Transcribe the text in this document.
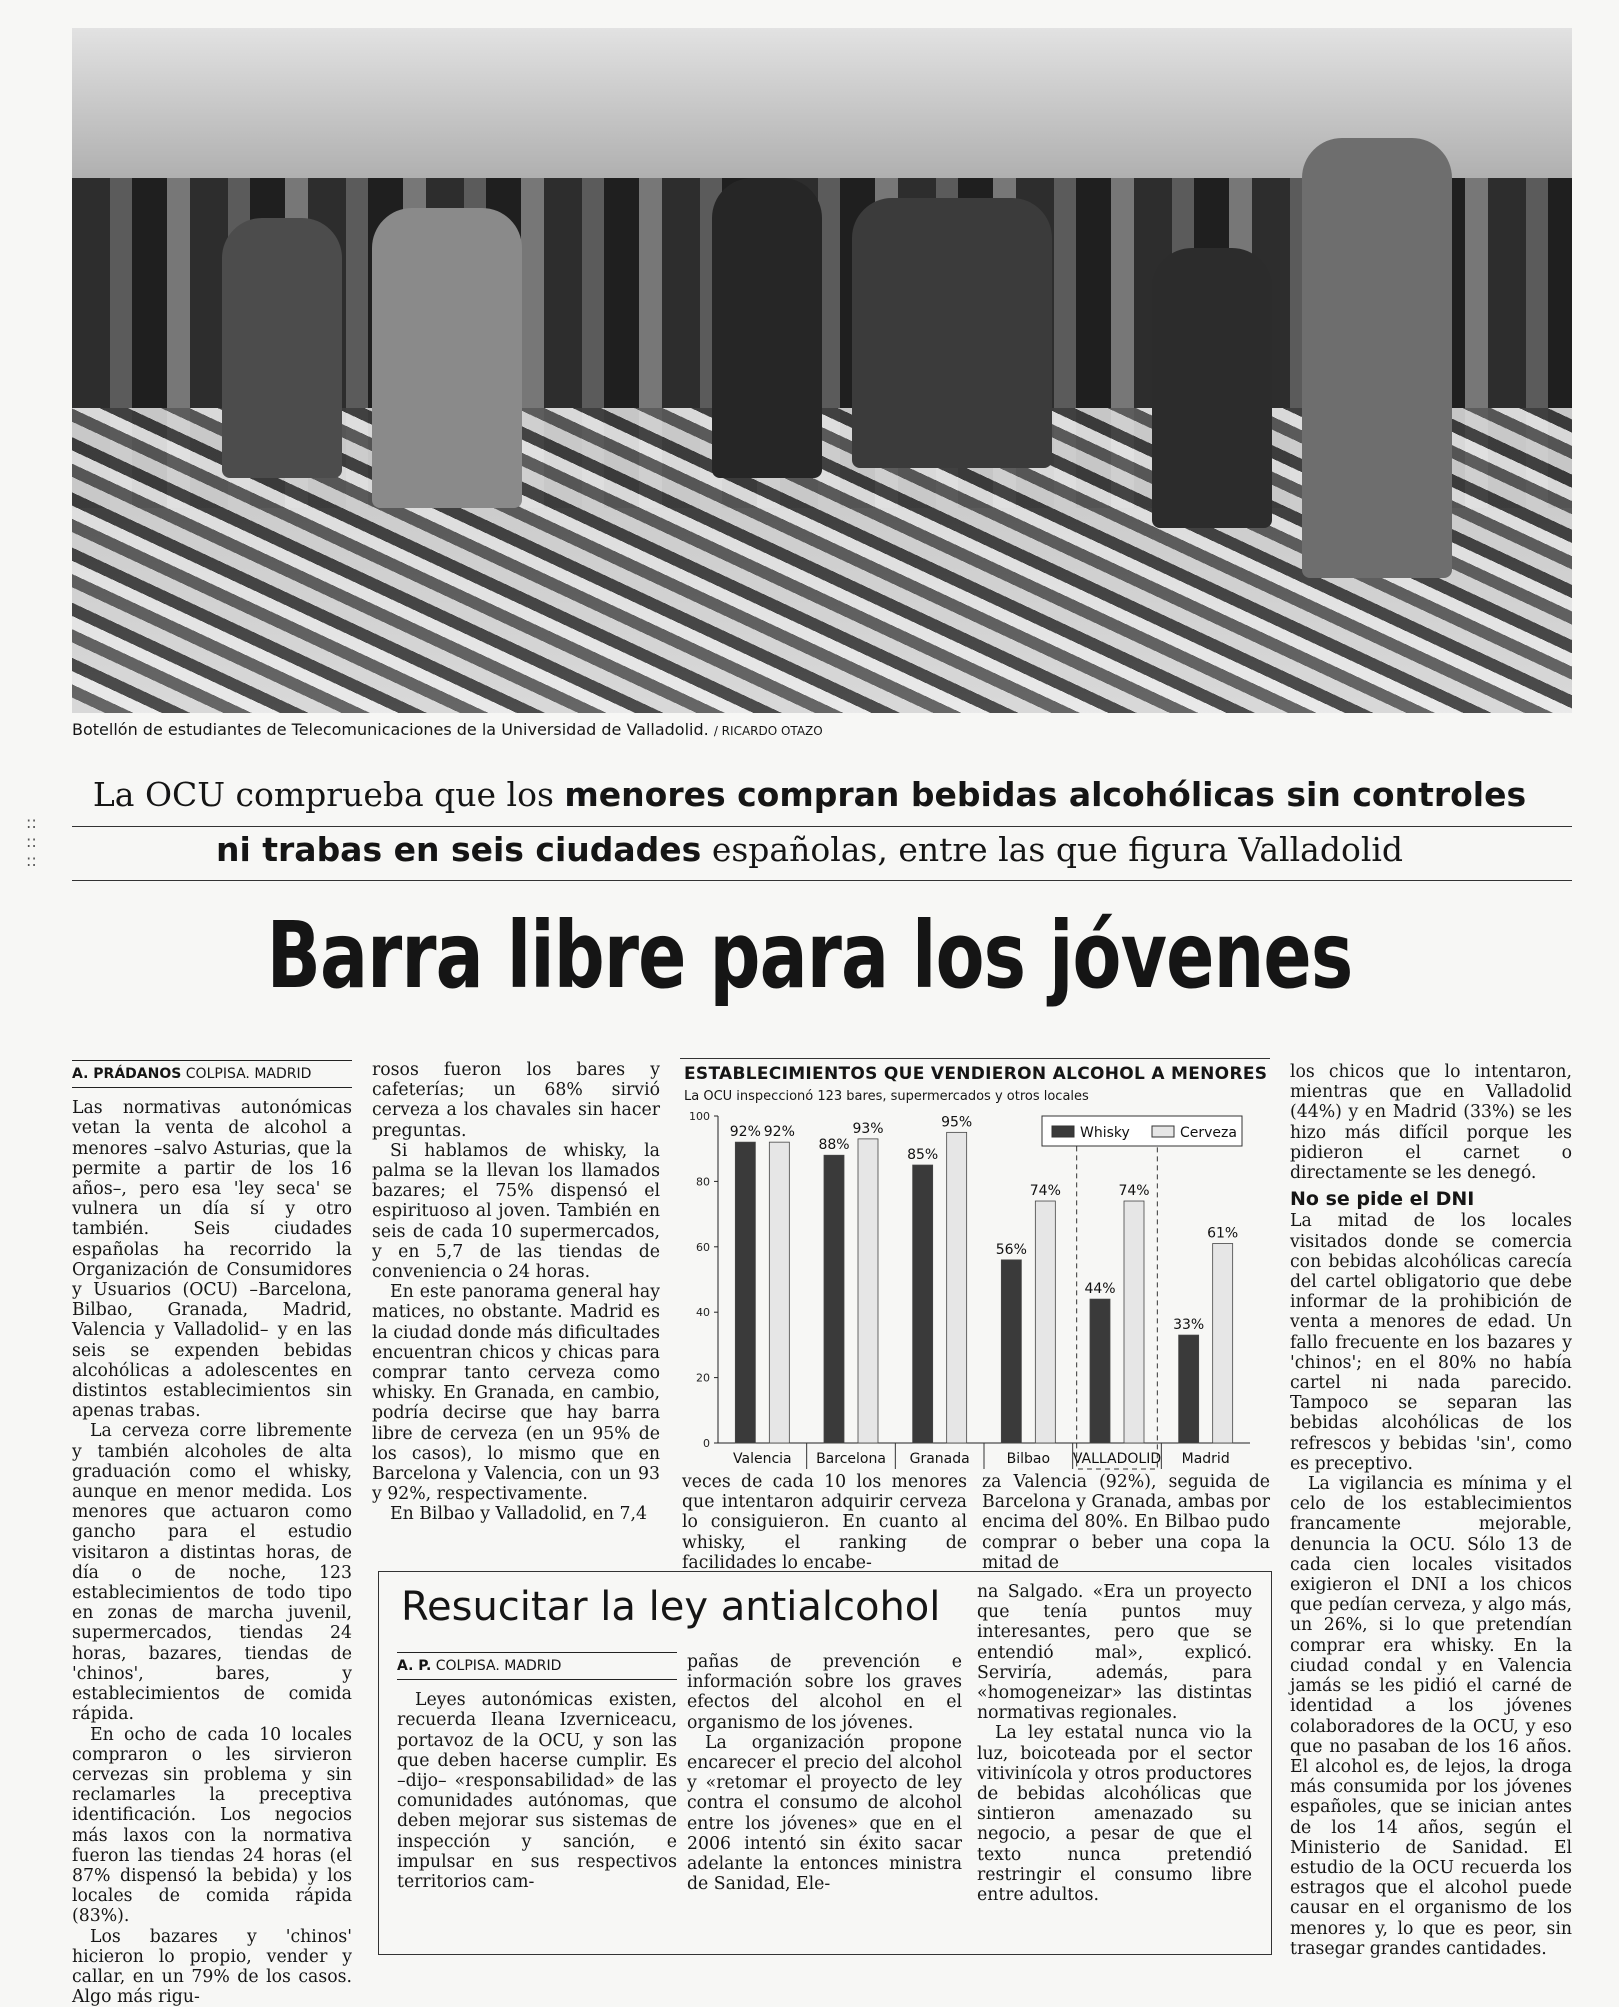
Botellón de estudiantes de Telecomunicaciones de la Universidad de Valladolid. / RICARDO OTAZO
La OCU comprueba que los menores compran bebidas alcohólicas sin controles
ni trabas en seis ciudades españolas, entre las que figura Valladolid
::
::
::
Barra libre para los jóvenes
A. PRÁDANOS COLPISA. MADRID

Las normativas autonómicas vetan la venta de alcohol a menores –salvo Asturias, que la permite a partir de los 16 años–, pero esa 'ley seca' se vulnera un día sí y otro también. Seis ciudades españolas ha recorrido la Organización de Consumidores y Usuarios (OCU) –Barcelona, Bilbao, Granada, Madrid, Valencia y Valladolid– y en las seis se expenden bebidas alcohólicas a adolescentes en distintos establecimientos sin apenas trabas.

La cerveza corre libremente y también alcoholes de alta graduación como el whisky, aunque en menor medida. Los menores que actuaron como gancho para el estudio visitaron a distintas horas, de día o de noche, 123 establecimientos de todo tipo en zonas de marcha juvenil, supermercados, tiendas 24 horas, bazares, tiendas de 'chinos', bares, y establecimientos de comida rápida.

En ocho de cada 10 locales compraron o les sirvieron cervezas sin problema y sin reclamarles la preceptiva identificación. Los negocios más laxos con la normativa fueron las tiendas 24 horas (el 87% dispensó la bebida) y los locales de comida rápida (83%).

Los bazares y 'chinos' hicieron lo propio, vender y callar, en un 79% de los casos. Algo más rigu-

rosos fueron los bares y cafeterías; un 68% sirvió cerveza a los chavales sin hacer preguntas.

Si hablamos de whisky, la palma se la llevan los llamados bazares; el 75% dispensó el espirituoso al joven. También en seis de cada 10 supermercados, y en 5,7 de las tiendas de conveniencia o 24 horas.

En este panorama general hay matices, no obstante. Madrid es la ciudad donde más dificultades encuentran chicos y chicas para comprar tanto cerveza como whisky. En Granada, en cambio, podría decirse que hay barra libre de cerveza (en un 95% de los casos), lo mismo que en Barcelona y Valencia, con un 93 y 92%, respectivamente.

En Bilbao y Valladolid, en 7,4

ESTABLECIMIENTOS QUE VENDIERON ALCOHOL A MENORES
La OCU inspeccionó 123 bares, supermercados y otros locales
0
20
40
60
80
100
92% 92%
Valencia
88%
93%
Barcelona
85%
95%
Granada
56%
74%
Bilbao
44%
74%
VALLADOLID
33%
61%
Madrid
Whisky	Cerveza

veces de cada 10 los menores que intentaron adquirir cerveza lo consiguieron. En cuanto al whisky, el ranking de facilidades lo encabe-

za Valencia (92%), seguida de Barcelona y Granada, ambas por encima del 80%. En Bilbao pudo comprar o beber una copa la mitad de

los chicos que lo intentaron, mientras que en Valladolid (44%) y en Madrid (33%) se les hizo más difícil porque les pidieron el carnet o directamente se les denegó.

No se pide el DNI

La mitad de los locales visitados donde se comercia con bebidas alcohólicas carecía del cartel obligatorio que debe informar de la prohibición de venta a menores de edad. Un fallo frecuente en los bazares y 'chinos'; en el 80% no había cartel ni nada parecido. Tampoco se separan las bebidas alcohólicas de los refrescos y bebidas 'sin', como es preceptivo.

La vigilancia es mínima y el celo de los establecimientos francamente mejorable, denuncia la OCU. Sólo 13 de cada cien locales visitados exigieron el DNI a los chicos que pedían cerveza, y algo más, un 26%, si lo que pretendían comprar era whisky. En la ciudad condal y en Valencia jamás se les pidió el carné de identidad a los jóvenes colaboradores de la OCU, y eso que no pasaban de los 16 años. El alcohol es, de lejos, la droga más consumida por los jóvenes españoles, que se inician antes de los 14 años, según el Ministerio de Sanidad. El estudio de la OCU recuerda los estragos que el alcohol puede causar en el organismo de los menores y, lo que es peor, sin trasegar grandes cantidades.

Resucitar la ley antialcohol
A. P. COLPISA. MADRID

Leyes autonómicas existen, recuerda Ileana Izverniceacu, portavoz de la OCU, y son las que deben hacerse cumplir. Es –dijo– «responsabilidad» de las comunidades autónomas, que deben mejorar sus sistemas de inspección y sanción, e impulsar en sus respectivos territorios cam-

pañas de prevención e información sobre los graves efectos del alcohol en el organismo de los jóvenes.

La organización propone encarecer el precio del alcohol y «retomar el proyecto de ley contra el consumo de alcohol entre los jóvenes» que en el 2006 intentó sin éxito sacar adelante la entonces ministra de Sanidad, Ele-

na Salgado. «Era un proyecto que tenía puntos muy interesantes, pero que se entendió mal», explicó. Serviría, además, para «homogeneizar» las distintas normativas regionales.

La ley estatal nunca vio la luz, boicoteada por el sector vitivinícola y otros productores de bebidas alcohólicas que sintieron amenazado su negocio, a pesar de que el texto nunca pretendió restringir el consumo libre entre adultos.
